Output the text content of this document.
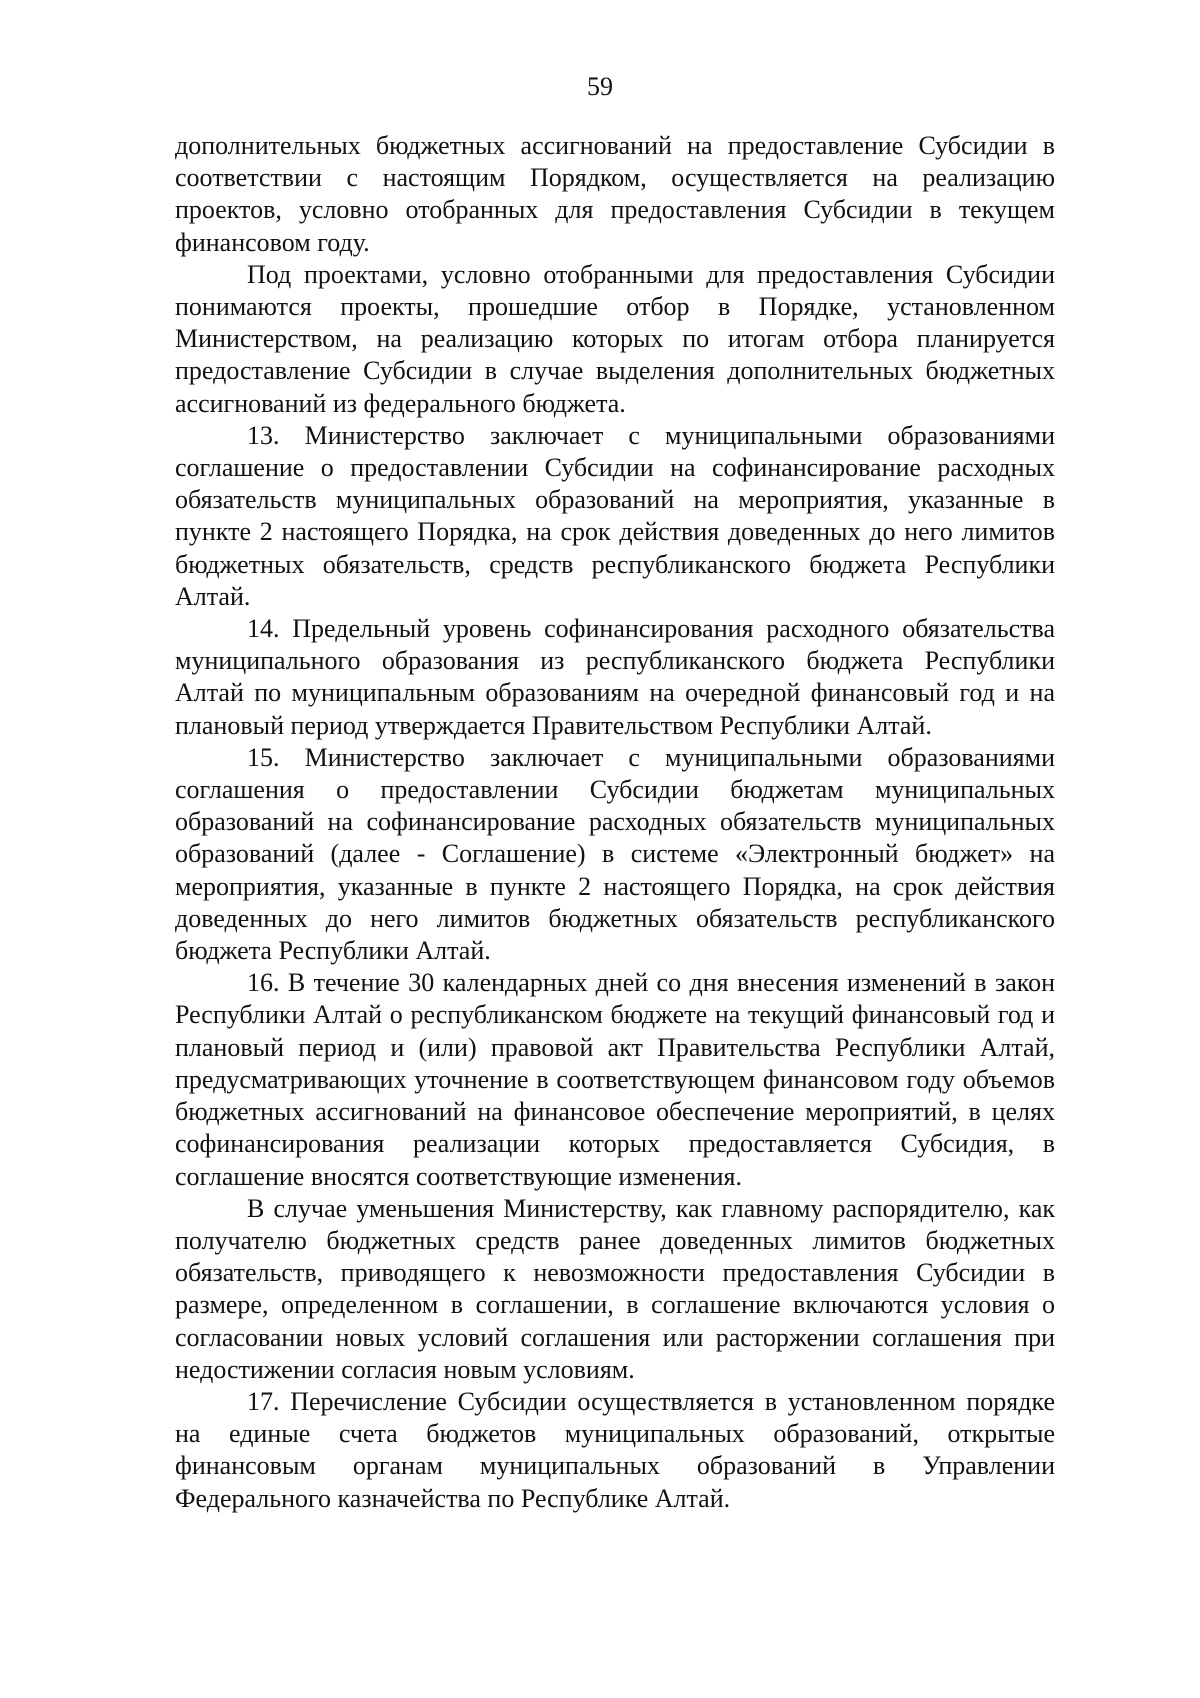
59

дополнительных бюджетных ассигнований на предоставление Субсидии в соответствии с настоящим Порядком, осуществляется на реализацию проектов, условно отобранных для предоставления Субсидии в текущем финансовом году.

Под проектами, условно отобранными для предоставления Субсидии понимаются проекты, прошедшие отбор в Порядке, установленном Министерством, на реализацию которых по итогам отбора планируется предоставление Субсидии в случае выделения дополнительных бюджетных ассигнований из федерального бюджета.

13. Министерство заключает с муниципальными образованиями соглашение о предоставлении Субсидии на софинансирование расходных обязательств муниципальных образований на мероприятия, указанные в пункте 2 настоящего Порядка, на срок действия доведенных до него лимитов бюджетных обязательств, средств республиканского бюджета Республики Алтай.

14. Предельный уровень софинансирования расходного обязательства муниципального образования из республиканского бюджета Республики Алтай по муниципальным образованиям на очередной финансовый год и на плановый период утверждается Правительством Республики Алтай.

15. Министерство заключает с муниципальными образованиями соглашения о предоставлении Субсидии бюджетам муниципальных образований на софинансирование расходных обязательств муниципальных образований (далее - Соглашение) в системе «Электронный бюджет» на мероприятия, указанные в пункте 2 настоящего Порядка, на срок действия доведенных до него лимитов бюджетных обязательств республиканского бюджета Республики Алтай.

16. В течение 30 календарных дней со дня внесения изменений в закон Республики Алтай о республиканском бюджете на текущий финансовый год и плановый период и (или) правовой акт Правительства Республики Алтай, предусматривающих уточнение в соответствующем финансовом году объемов бюджетных ассигнований на финансовое обеспечение мероприятий, в целях софинансирования реализации которых предоставляется Субсидия, в соглашение вносятся соответствующие изменения.

В случае уменьшения Министерству, как главному распорядителю, как получателю бюджетных средств ранее доведенных лимитов бюджетных обязательств, приводящего к невозможности предоставления Субсидии в размере, определенном в соглашении, в соглашение включаются условия о согласовании новых условий соглашения или расторжении соглашения при недостижении согласия новым условиям.

17. Перечисление Субсидии осуществляется в установленном порядке на единые счета бюджетов муниципальных образований, открытые финансовым органам муниципальных образований в Управлении Федерального казначейства по Республике Алтай.
